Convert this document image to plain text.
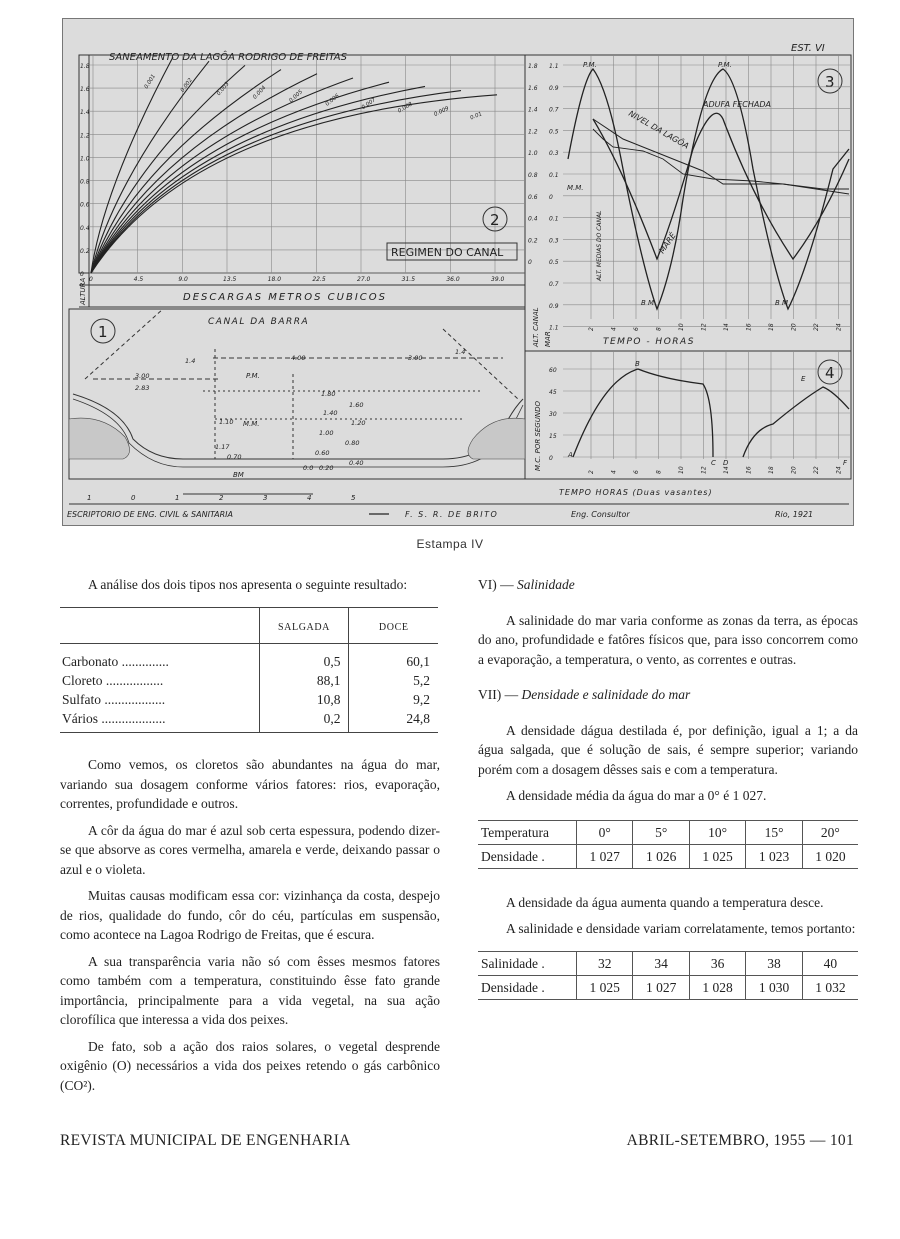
1.8
1.6
1.4
1.2
1.0
0.8
0.6
0.4
0.2
0
0	4.5	9.0	13.5	18.0	22.5	27.0	31.5	36.0	39.0
0.001	0.002	0.003	0.004	0.005	0.006	0.007	0.008	0.009	0.01
SANEAMENTO DA LAGÔA RODRIGO DE FREITAS
EST. VI
2
3
4
1
REGIMEN DO CANAL
DESCARGAS METROS CUBICOS
ALTURA
1.1
0.9
0.7
0.5
0.3
0.1
0
0.1
0.3
0.5
0.7
0.9
1.1
1.8
1.6
1.4
1.2
1.0
0.8
0.6
0.4
0.2
0
2	4	6	8	10	12	14	16	18	20	22	24
ALT. CANAL MAR	TEMPO - HORAS
P.M.	P.M.
B M	B M
M.M.
NIVEL DA LAGÔA
ADUFA FECHADA
MARÉ
ALT. MEDIAS DO CANAL
60
45
30
15
0
2	4	6	8	10	12	14	16	18	20	22	24
A
B
C D
E
F
M.C. POR SEGUNDO
TEMPO HORAS (Duas vasantes)
4.00	3.00
3.00
2.83
1.80
1.60
1.40
1.20
1.00
0.80
0.60
0.40
0.20
0.0
1.10
1.17
0.70
1.4
1.4
1	0	1	2	3	4	5
CANAL DA BARRA
P.M.
M.M.
BM
ESCRIPTORIO DE ENG. CIVIL & SANITARIA	F. S. R. DE BRITO	Eng. Consultor	Rio, 1921
Estampa IV

A análise dos dois tipos nos apresenta o seguinte resultado:

	SALGADA	DOCE
Carbonato ..............	0,5	60,1
Cloreto .................	88,1	5,2
Sulfato ..................	10,8	9,2
Vários ...................	0,2	24,8

Como vemos, os cloretos são abundantes na água do mar, variando sua dosagem conforme vários fatores: rios, evaporação, correntes, profundidade e outros.

A côr da água do mar é azul sob certa espessura, podendo dizer-se que absorve as cores vermelha, amarela e verde, deixando passar o azul e o violeta.

Muitas causas modificam essa cor: vizinhança da costa, despejo de rios, qualidade do fundo, côr do céu, partículas em suspensão, como acontece na Lagoa Rodrigo de Freitas, que é escura.

A sua transparência varia não só com êsses mesmos fatores como também com a temperatura, constituindo êsse fato grande importância, principalmente para a vida vegetal, na sua ação clorofílica que interessa a vida dos peixes.

De fato, sob a ação dos raios solares, o vegetal desprende oxigênio (O) necessários a vida dos peixes retendo o gás carbônico (CO²).

VI) — Salinidade

A salinidade do mar varia conforme as zonas da terra, as épocas do ano, profundidade e fatôres físicos que, para isso concorrem como a evaporação, a temperatura, o vento, as correntes e outras.

VII) — Densidade e salinidade do mar

A densidade dágua destilada é, por definição, igual a 1; a da água salgada, que é solução de sais, é sempre superior; variando porém com a dosagem dêsses sais e com a temperatura.

A densidade média da água do mar a 0° é 1 027.

Temperatura	0°	5°	10°	15°	20°
Densidade .	1 027	1 026	1 025	1 023	1 020

A densidade da água aumenta quando a temperatura desce.

A salinidade e densidade variam correlatamente, temos portanto:

Salinidade .	32	34	36	38	40
Densidade .	1 025	1 027	1 028	1 030	1 032
REVISTA MUNICIPAL DE ENGENHARIA	ABRIL-SETEMBRO, 1955 — 101
